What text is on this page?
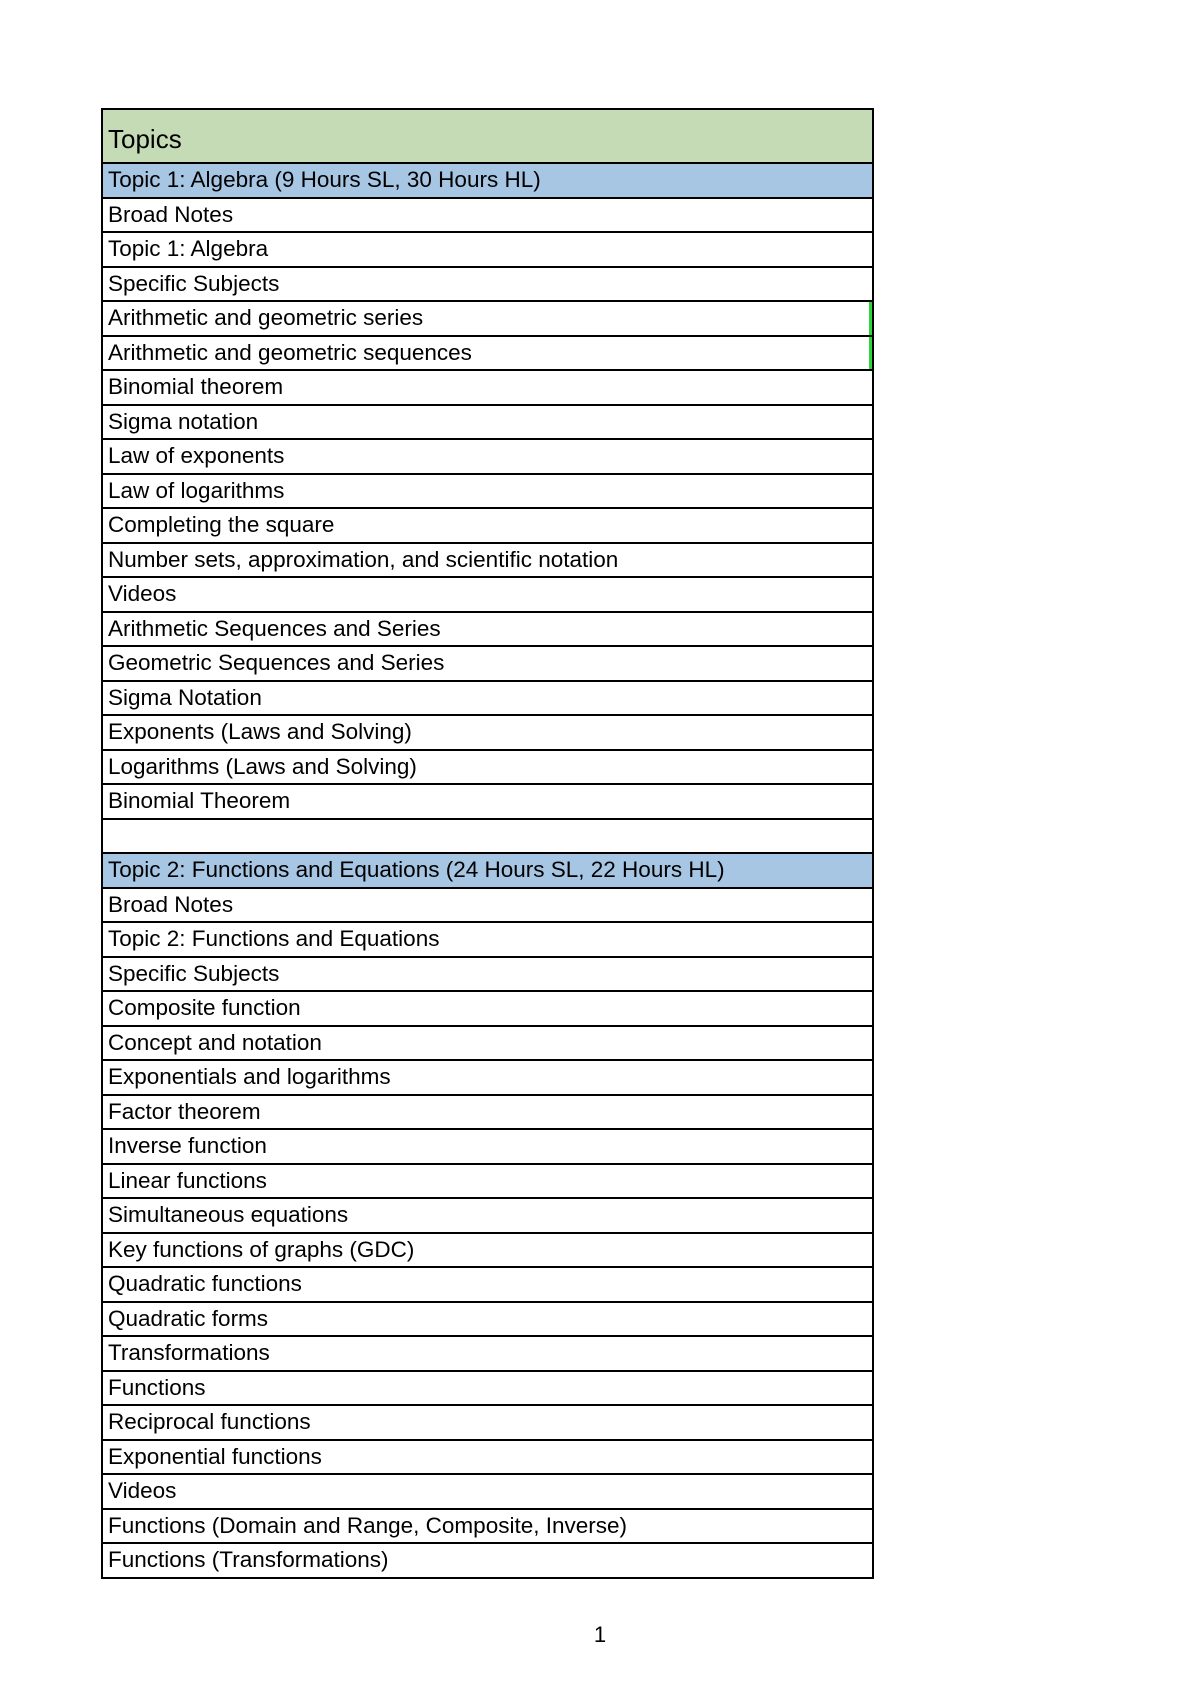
Topics
Topic 1: Algebra (9 Hours SL, 30 Hours HL)
Broad Notes
Topic 1: Algebra
Specific Subjects
Arithmetic and geometric series
Arithmetic and geometric sequences
Binomial theorem
Sigma notation
Law of exponents
Law of logarithms
Completing the square
Number sets, approximation, and scientific notation
Videos
Arithmetic Sequences and Series
Geometric Sequences and Series
Sigma Notation
Exponents (Laws and Solving)
Logarithms (Laws and Solving)
Binomial Theorem
Topic 2: Functions and Equations (24 Hours SL, 22 Hours HL)
Broad Notes
Topic 2: Functions and Equations
Specific Subjects
Composite function
Concept and notation
Exponentials and logarithms
Factor theorem
Inverse function
Linear functions
Simultaneous equations
Key functions of graphs (GDC)
Quadratic functions
Quadratic forms
Transformations
Functions
Reciprocal functions
Exponential functions
Videos
Functions (Domain and Range, Composite, Inverse)
Functions (Transformations)
1
